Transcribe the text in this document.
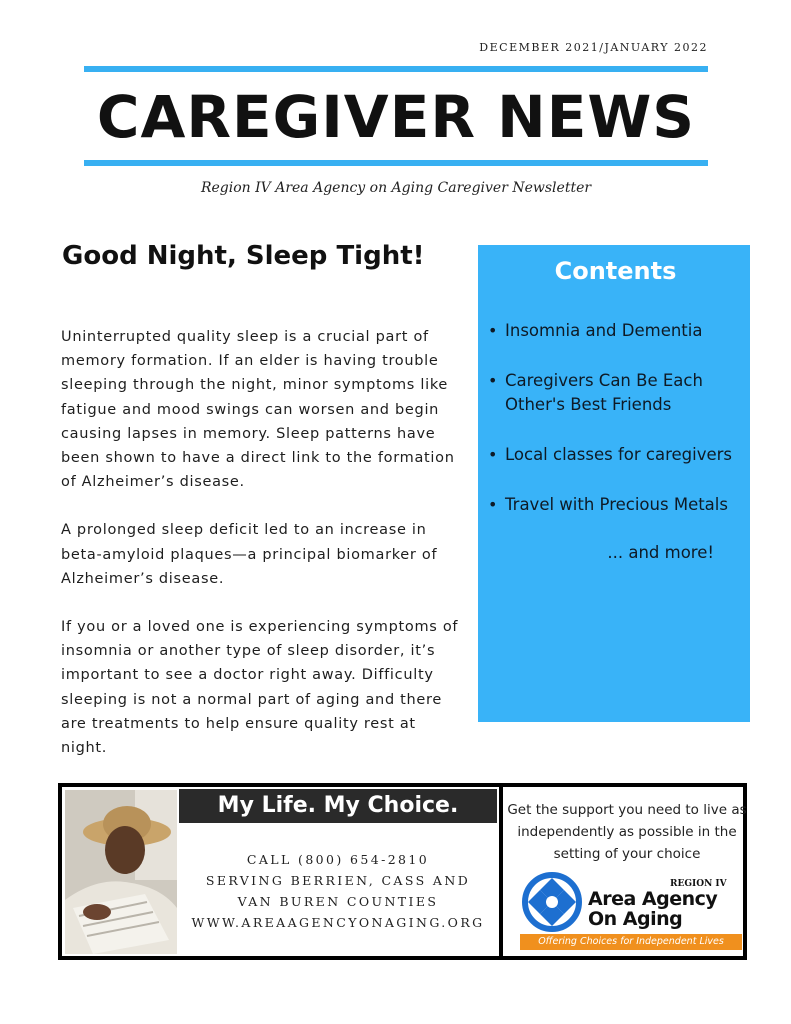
DECEMBER 2021/JANUARY 2022
CAREGIVER NEWS
Region IV Area Agency on Aging Caregiver Newsletter
Good Night, Sleep Tight!

Uninterrupted quality sleep is a crucial part of memory formation. If an elder is having trouble sleeping through the night, minor symptoms like fatigue and mood swings can worsen and begin causing lapses in memory. Sleep patterns have been shown to have a direct link to the formation of Alzheimer’s disease.

A prolonged sleep deficit led to an increase in beta-amyloid plaques—a principal biomarker of Alzheimer’s disease.

If you or a loved one is experiencing symptoms of insomnia or another type of sleep disorder, it’s important to see a doctor right away. Difficulty sleeping is not a normal part of aging and there are treatments to help ensure quality rest at night.

Contents
• Insomnia and Dementia
• Caregivers Can Be Each Other's Best Friends
• Local classes for caregivers
• Travel with Precious Metals
... and more!
My Life. My Choice.
CALL (800) 654-2810
SERVING BERRIEN, CASS AND
VAN BUREN COUNTIES
WWW.AREAAGENCYONAGING.ORG
Get the support you need to live as independently as possible in the setting of your choice
REGION IV
Area Agency
On Aging
Offering Choices for Independent Lives
